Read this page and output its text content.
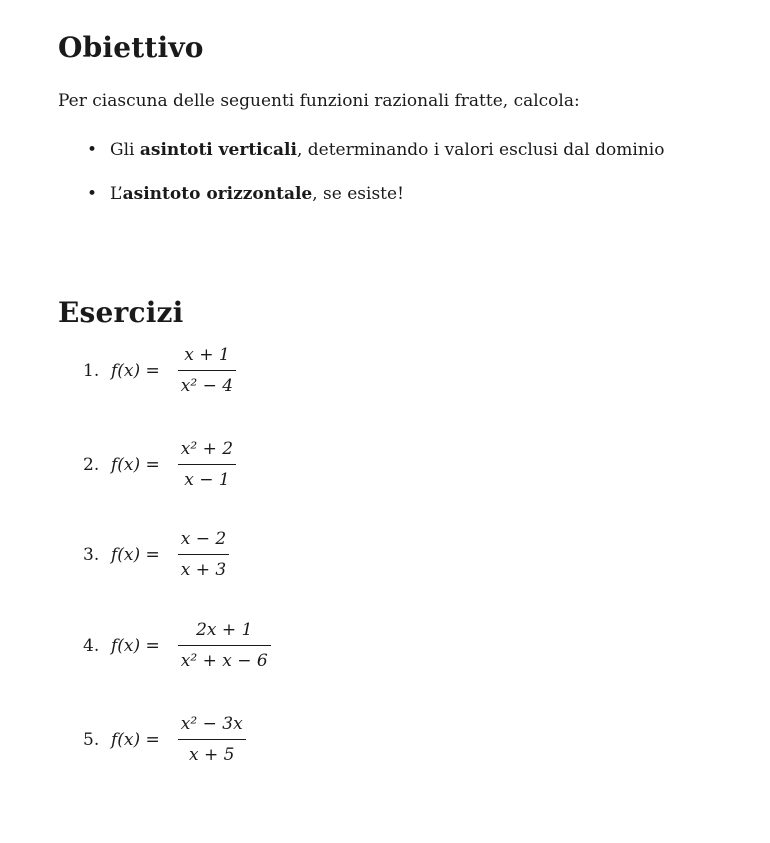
Obiettivo

Per ciascuna delle seguenti funzioni razionali fratte, calcola:

• Gli asintoti verticali, determinando i valori esclusi dal dominio
• L’asintoto orizzontale, se esiste!
Esercizi
1. $f(x) = \frac{x + 1}{\text{x² − 4}}$
2. $f(x) = \frac{\text{x² + 2}}{x - 1}$
3. $f(x) = \frac{x - 2}{x + 3}$
4. $f(x) = \frac{2x + 1}{\text{x² + x − 6}}$
5. $f(x) = \frac{\text{x² − 3x}}{x + 5}$
